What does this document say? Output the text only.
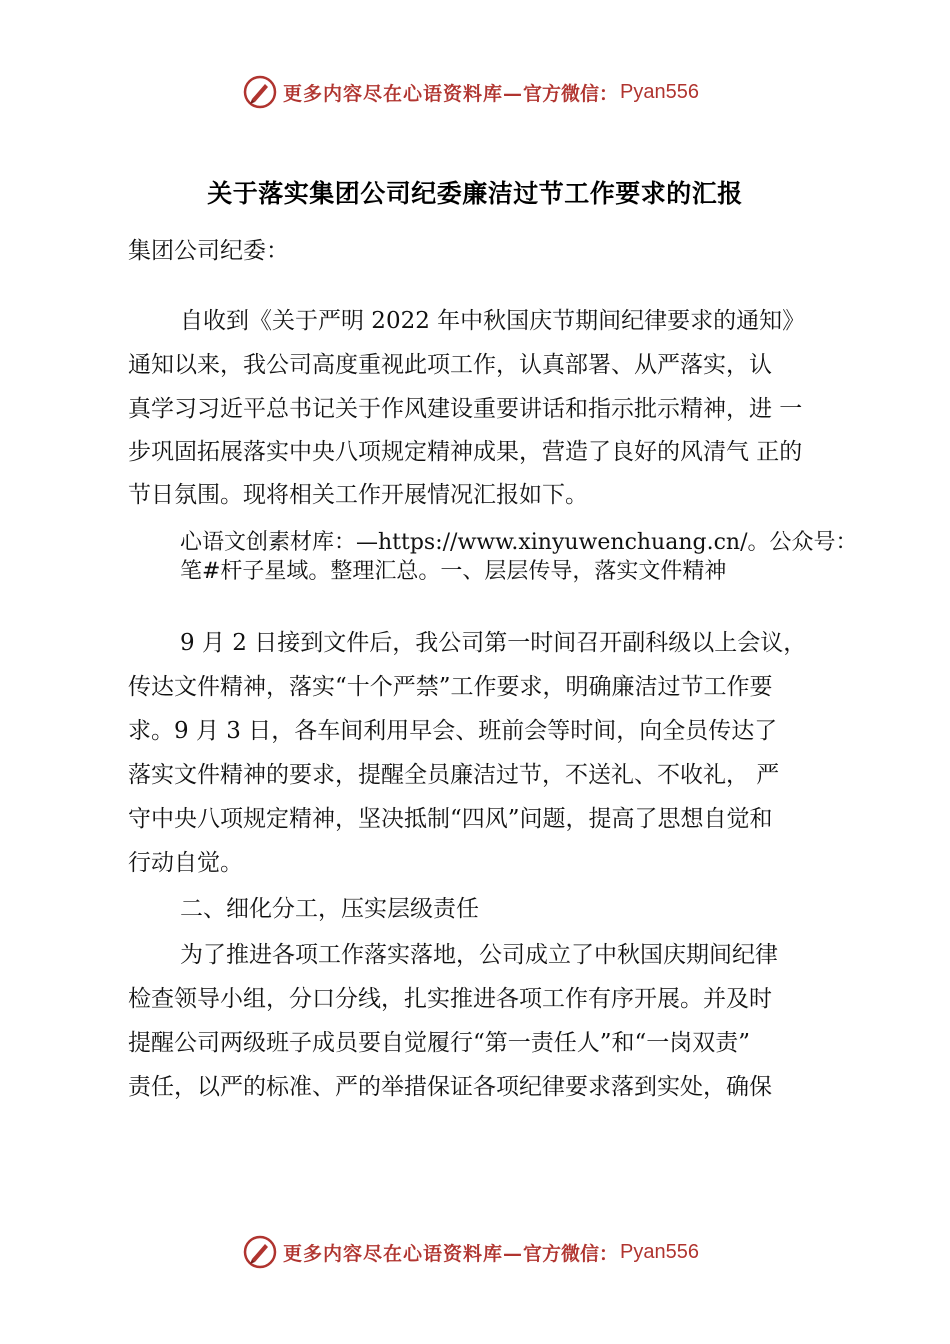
更多内容尽在心语资料库— 官方微信： Pyan556
关于落实集团公司纪委廉洁过节工作要求的汇报
集团公司纪委：
自收到《关于严明 2022 年中秋国庆节期间纪律要求的通知》
通知以来，我公司高度重视此项工作，认真部署、从严落实，认
真学习习近平总书记关于作风建设重要讲话和指示批示精神，进 一
步巩固拓展落实中央八项规定精神成果，营造了良好的风清气 正的
节日氛围。现将相关工作开展情况汇报如下。
心语文创素材库：—https://www.xinyuwenchuang.cn/。公众号：笔#杆子星域。整理汇总。一、层层传导，落实文件精神
9 月 2 日接到文件后，我公司第一时间召开副科级以上会议，
传达文件精神，落实“十个严禁”工作要求，明确廉洁过节工作要
求。9 月 3 日，各车间利用早会、班前会等时间，向全员传达了
落实文件精神的要求，提醒全员廉洁过节，不送礼、不收礼， 严
守中央八项规定精神，坚决抵制“四风”问题，提高了思想自觉和
行动自觉。
二、细化分工，压实层级责任
为了推进各项工作落实落地，公司成立了中秋国庆期间纪律
检查领导小组，分口分线，扎实推进各项工作有序开展。并及时
提醒公司两级班子成员要自觉履行“第一责任人”和“一岗双责”
责任，以严的标准、严的举措保证各项纪律要求落到实处，确保
更多内容尽在心语资料库— 官方微信： Pyan556
